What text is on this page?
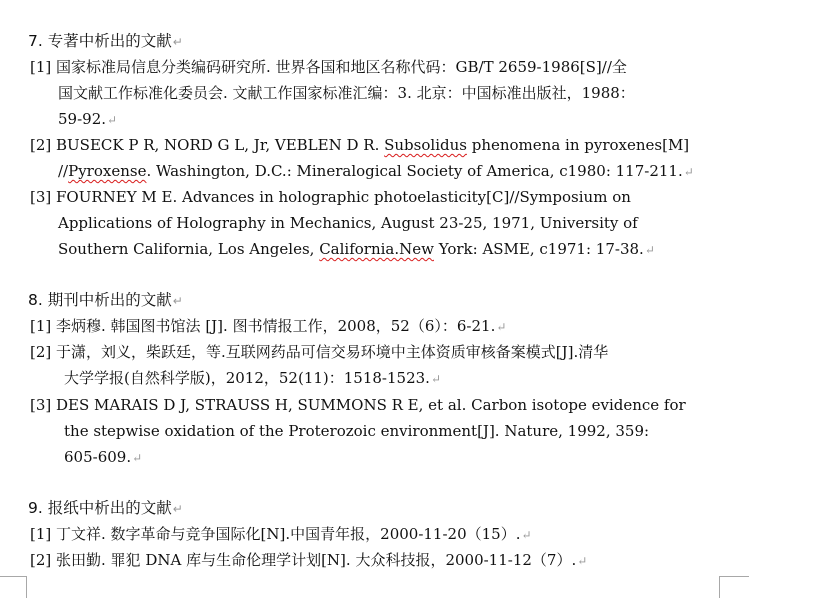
7. 专著中析出的文献↵
[1] 国家标准局信息分类编码研究所. 世界各国和地区名称代码：GB/T 2659-1986[S]//全
国文献工作标准化委员会. 文献工作国家标准汇编：3. 北京：中国标准出版社，1988：
59-92.↵
[2] BUSECK P R, NORD G L, Jr, VEBLEN D R. Subsolidus phenomena in pyroxenes[M]
//Pyroxense. Washington, D.C.: Mineralogical Society of America, c1980: 117-211.↵
[3] FOURNEY M E. Advances in holographic photoelasticity[C]//Symposium on
Applications of Holography in Mechanics, August 23-25, 1971, University of
Southern California, Los Angeles, California.New York: ASME, c1971: 17-38.↵
8. 期刊中析出的文献↵
[1] 李炳穆. 韩国图书馆法 [J]. 图书情报工作，2008，52（6）：6-21.↵
[2] 于潇，刘义，柴跃廷，等.互联网药品可信交易环境中主体资质审核备案模式[J].清华
大学学报(自然科学版)，2012，52(11)：1518-1523.↵
[3] DES MARAIS D J, STRAUSS H, SUMMONS R E, et al. Carbon isotope evidence for
the stepwise oxidation of the Proterozoic environment[J]. Nature, 1992, 359:
605-609.↵
9. 报纸中析出的文献↵
[1] 丁文祥. 数字革命与竞争国际化[N].中国青年报，2000-11-20（15）.↵
[2] 张田勤. 罪犯 DNA 库与生命伦理学计划[N]. 大众科技报，2000-11-12（7）.↵
